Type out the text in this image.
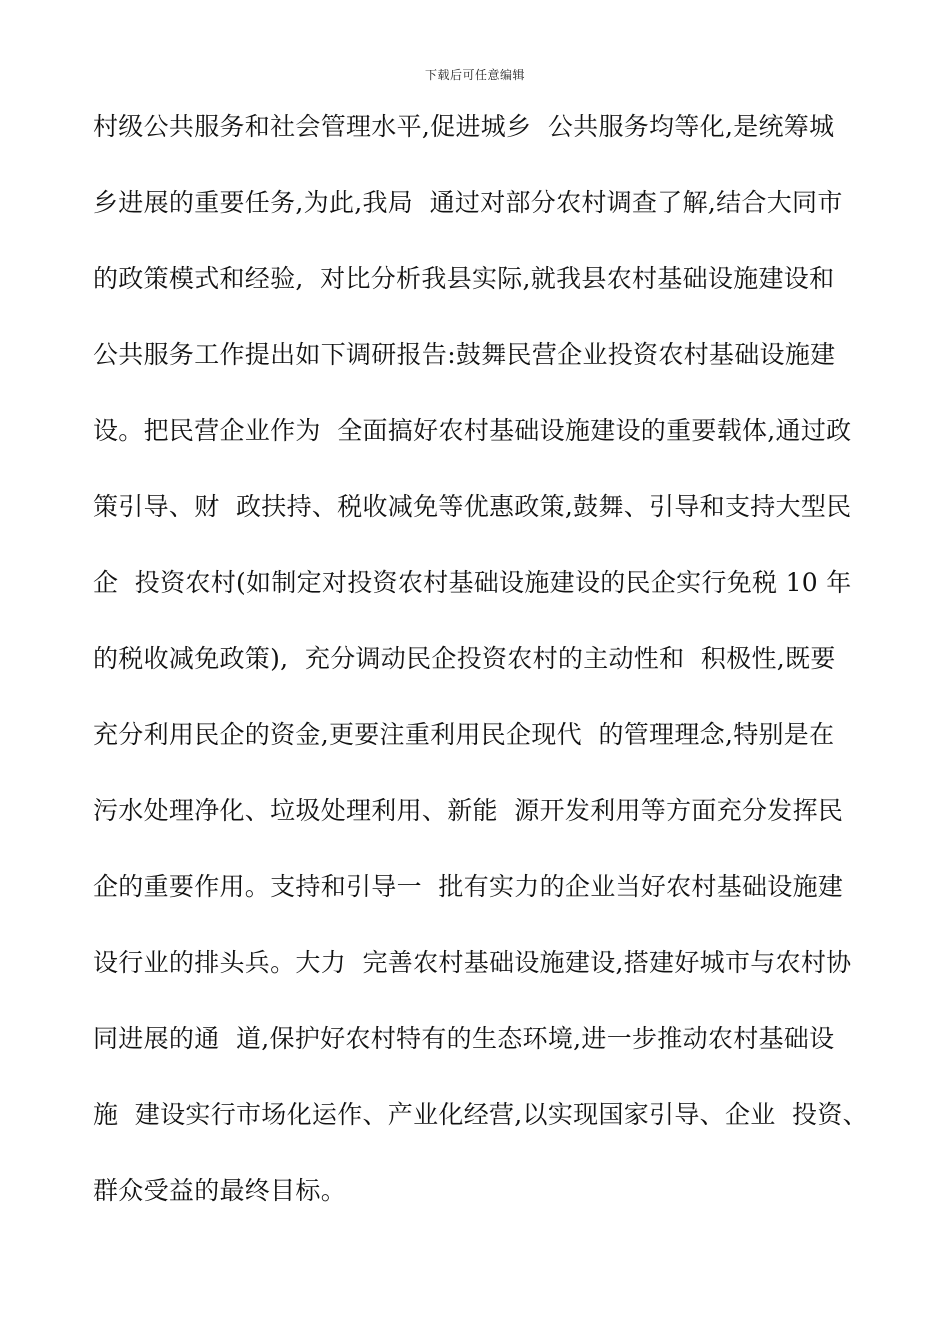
下载后可任意编辑
村级公共服务和社会管理水平,促进城乡  公共服务均等化,是统筹城
乡进展的重要任务,为此,我局  通过对部分农村调查了解,结合大同市
的政策模式和经验,  对比分析我县实际,就我县农村基础设施建设和
公共服务工作提出如下调研报告:鼓舞民营企业投资农村基础设施建
设。把民营企业作为  全面搞好农村基础设施建设的重要载体,通过政
策引导、财  政扶持、税收减免等优惠政策,鼓舞、引导和支持大型民
企  投资农村(如制定对投资农村基础设施建设的民企实行免税 10 年
的税收减免政策),  充分调动民企投资农村的主动性和  积极性,既要
充分利用民企的资金,更要注重利用民企现代  的管理理念,特别是在
污水处理净化、垃圾处理利用、新能  源开发利用等方面充分发挥民
企的重要作用。支持和引导一  批有实力的企业当好农村基础设施建
设行业的排头兵。大力  完善农村基础设施建设,搭建好城市与农村协
同进展的通  道,保护好农村特有的生态环境,进一步推动农村基础设
施  建设实行市场化运作、产业化经营,以实现国家引导、企业  投资、
群众受益的最终目标。
